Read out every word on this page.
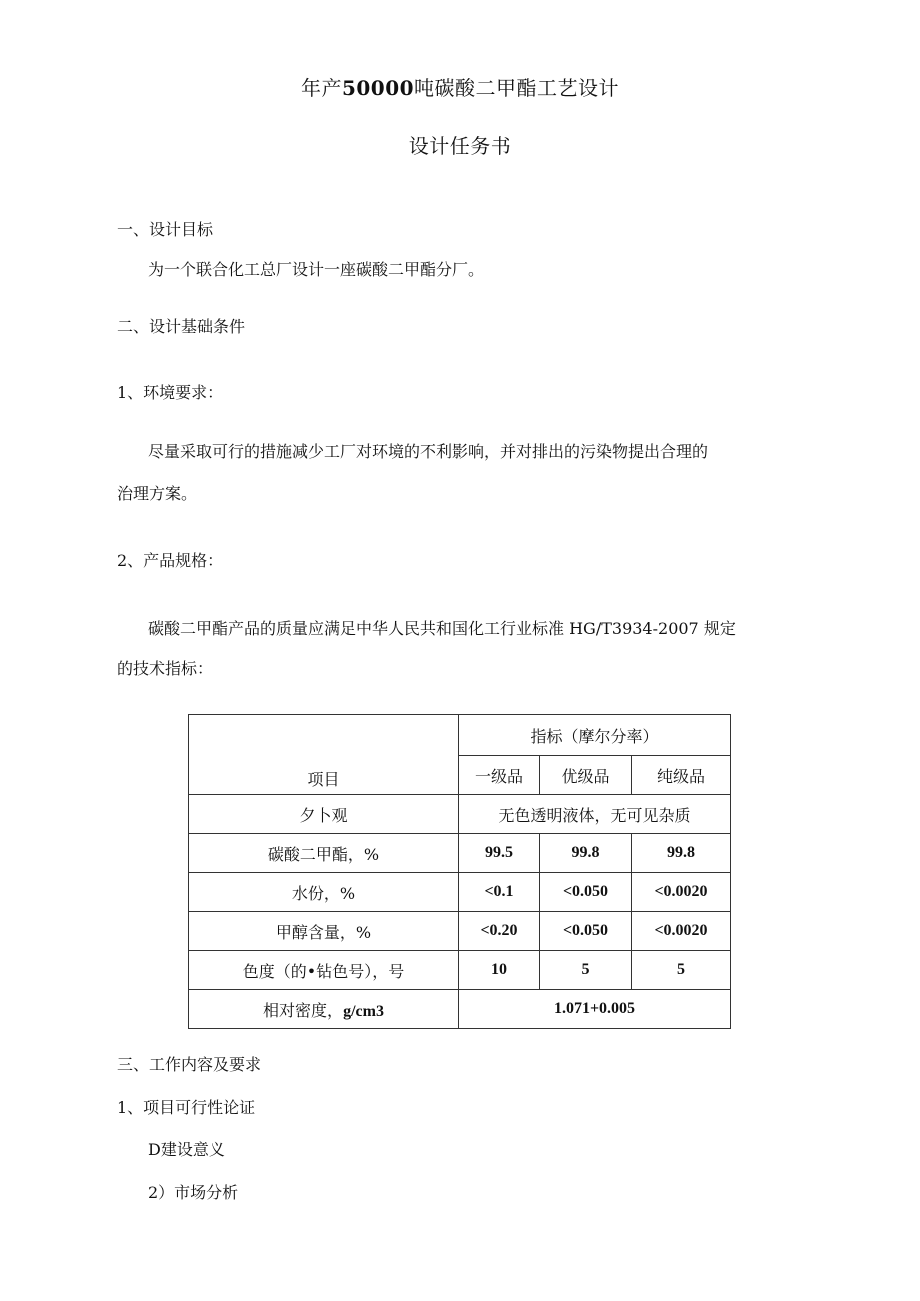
年产50000吨碳酸二甲酯工艺设计
设计任务书
一、设计目标
为一个联合化工总厂设计一座碳酸二甲酯分厂。
二、设计基础条件
1、环境要求：
尽量采取可行的措施减少工厂对环境的不利影响，并对排出的污染物提出合理的
治理方案。
2、产品规格：
碳酸二甲酯产品的质量应满足中华人民共和国化工行业标准 HG/T3934-2007 规定
的技术指标：
项目	指标（摩尔分率）		
	一级品	优级品	纯级品
夕卜观	无色透明液体，无可见杂质		
碳酸二甲酯，%	99.5	99.8	99.8
水份，%	<0.1	<0.050	<0.0020
甲醇含量，%	<0.20	<0.050	<0.0020
色度（的•钻色号），号	10	5	5
相对密度，g/cm3	1.071+0.005		
三、工作内容及要求
1、项目可行性论证
D建设意义
2）市场分析
